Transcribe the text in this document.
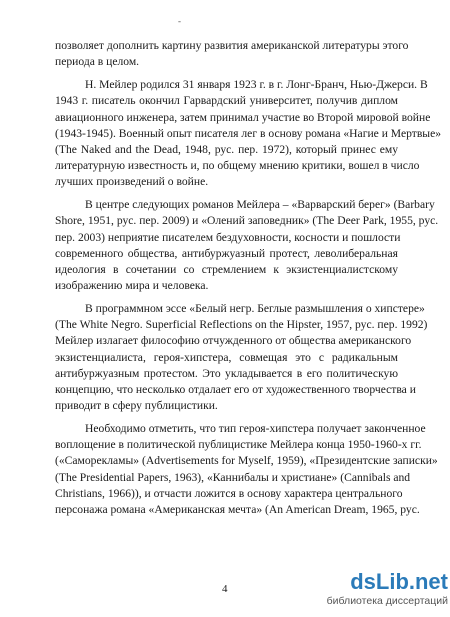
-
позволяет дополнить картину развития американской литературы этого
периода в целом.
Н. Мейлер родился 31 января 1923 г. в г. Лонг-Бранч, Нью-Джерси. В
1943 г. писатель окончил Гарвардский университет, получив диплом
авиационного инженера, затем принимал участие во Второй мировой войне
(1943-1945). Военный опыт писателя лег в основу романа «Нагие и Мертвые»
(The Naked and the Dead, 1948, рус. пер. 1972), который принес ему
литературную известность и, по общему мнению критики, вошел в число
лучших произведений о войне.
В центре следующих романов Мейлера – «Варварский берег» (Barbary
Shore, 1951, рус. пер. 2009) и «Олений заповедник» (The Deer Park, 1955, рус.
пер. 2003) неприятие писателем бездуховности, косности и пошлости
современного общества, антибуржуазный протест, леволиберальная
идеология в сочетании со стремлением к экзистенциалистскому
изображению мира и человека.
В программном эссе «Белый негр. Беглые размышления о хипстере»
(The White Negro. Superficial Reflections on the Hipster, 1957, рус. пер. 1992)
Мейлер излагает философию отчужденного от общества американского
экзистенциалиста, героя-хипстера, совмещая это с радикальным
антибуржуазным протестом. Это укладывается в его политическую
концепцию, что несколько отдалает его от художественного творчества и
приводит в сферу публицистики.
Необходимо отметить, что тип героя-хипстера получает законченное
воплощение в политической публицистике Мейлера конца 1950-1960-х гг.
(«Саморекламы» (Advertisements for Myself, 1959), «Президентские записки»
(The Presidential Papers, 1963), «Каннибалы и христиане» (Cannibals and
Christians, 1966)), и отчасти ложится в основу характера центрального
персонажа романа «Американская мечта» (An American Dream, 1965, рус.
4	dsLib.net
библиотека диссертаций
